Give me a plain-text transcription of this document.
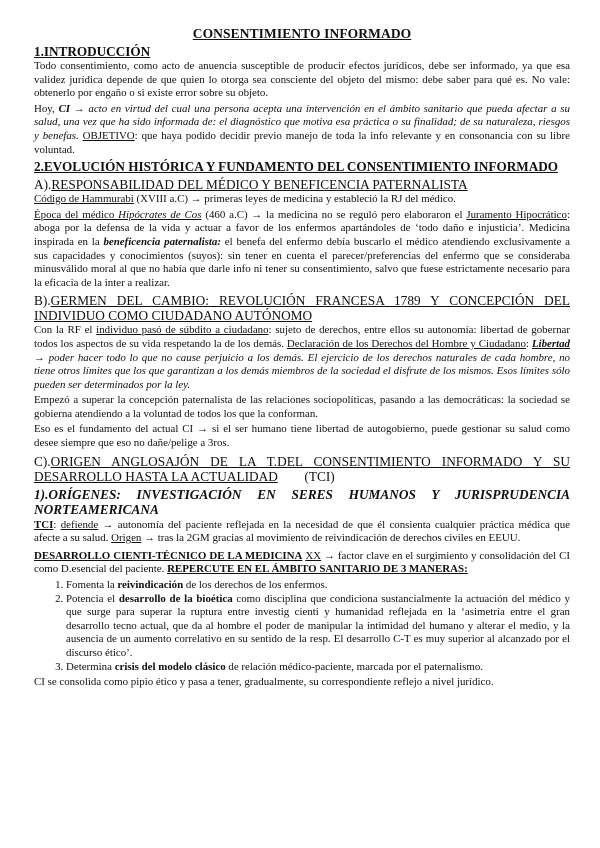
CONSENTIMIENTO INFORMADO
1.INTRODUCCIÓN

Todo consentimiento, como acto de anuencia susceptible de producir efectos jurídicos, debe ser informado, ya que esa validez jurídica depende de que quien lo otorga sea consciente del objeto del mismo: debe saber para qué es. No vale: obtenerlo por engaño o si existe error sobre su objeto.

Hoy, CI → acto en virtud del cual una persona acepta una intervención en el ámbito sanitario que pueda afectar a su salud, una vez que ha sido informada de: el diagnóstico que motiva esa práctica o su finalidad; de su naturaleza, riesgos y benefas. OBJETIVO: que haya podido decidir previo manejo de toda la info relevante y en consonancia con su libre voluntad.

2.EVOLUCIÓN HISTÓRICA Y FUNDAMENTO DEL CONSENTIMIENTO INFORMADO
A).RESPONSABILIDAD DEL MÉDICO Y BENEFICENCIA PATERNALISTA

Código de Hammurabi (XVIII a.C) → primeras leyes de medicina y estableció la RJ del médico.

Época del médico Hipócrates de Cos (460 a.C) → la medicina no se reguló pero elaboraron el Juramento Hipocrático: aboga por la defensa de la vida y actuar a favor de los enfermos apartándoles de ‘todo daño e injusticia’. Medicina inspirada en la beneficencia paternalista: el benefa del enfermo debía buscarlo el médico atendiendo exclusivamente a sus capacidades y conocimientos (suyos): sin tener en cuenta el parecer/preferencias del enfermo que se consideraba minusválido moral al que no había que darle info ni tener su consentimiento, salvo que fuese estrictamente necesario para la eficacia de la inter a realizar.

B).GERMEN DEL CAMBIO: REVOLUCIÓN FRANCESA 1789 Y CONCEPCIÓN DEL INDIVIDUO COMO CIUDADANO AUTÓNOMO

Con la RF el individuo pasó de súbdito a ciudadano: sujeto de derechos, entre ellos su autonomía: libertad de gobernar todos los aspectos de su vida respetando la de los demás. Declaración de los Derechos del Hombre y Ciudadano: Libertad → poder hacer todo lo que no cause perjuicio a los demás. El ejercicio de los derechos naturales de cada hombre, no tiene otros límites que los que garantizan a los demás miembros de la sociedad el disfrute de los mismos. Esos límites sólo pueden ser determinados por la ley.

Empezó a superar la concepción paternalista de las relaciones sociopolíticas, pasando a las democráticas: la sociedad se gobierna atendiendo a la voluntad de todos los que la conforman.

Eso es el fundamento del actual CI → si el ser humano tiene libertad de autogobierno, puede gestionar su salud como desee siempre que eso no dañe/pelige a 3ros.

C).ORIGEN ANGLOSAJÓN DE LA T.DEL CONSENTIMIENTO INFORMADO Y SU DESARROLLO HASTA LA ACTUALIDAD (TCI)
1).ORÍGENES: INVESTIGACIÓN EN SERES HUMANOS Y JURISPRUDENCIA NORTEAMERICANA

TCI: defiende → autonomía del paciente reflejada en la necesidad de que él consienta cualquier práctica médica que afecte a su salud. Origen → tras la 2GM gracias al movimiento de reivindicación de derechos civiles en EEUU.

DESARROLLO CIENTI-TÉCNICO DE LA MEDICINA XX → factor clave en el surgimiento y consolidación del CI como D.esencial del paciente. REPERCUTE EN EL ÁMBITO SANITARIO DE 3 MANERAS:

1. Fomenta la reivindicación de los derechos de los enfermos.
2. Potencia el desarrollo de la bioética como disciplina que condiciona sustancialmente la actuación del médico y que surge para superar la ruptura entre investig cienti y humanidad reflejada en la ‘asimetría entre el gran desarrollo tecno actual, que da al hombre el poder de manipular la intimidad del humano y alterar el medio, y la ausencia de un aumento correlativo en su sentido de la resp. El desarrollo C-T es muy superior al alcanzado por el discurso ético’.
3. Determina crisis del modelo clásico de relación médico-paciente, marcada por el paternalismo.

CI se consolida como pipio ético y pasa a tener, gradualmente, su correspondiente reflejo a nivel jurídico.
